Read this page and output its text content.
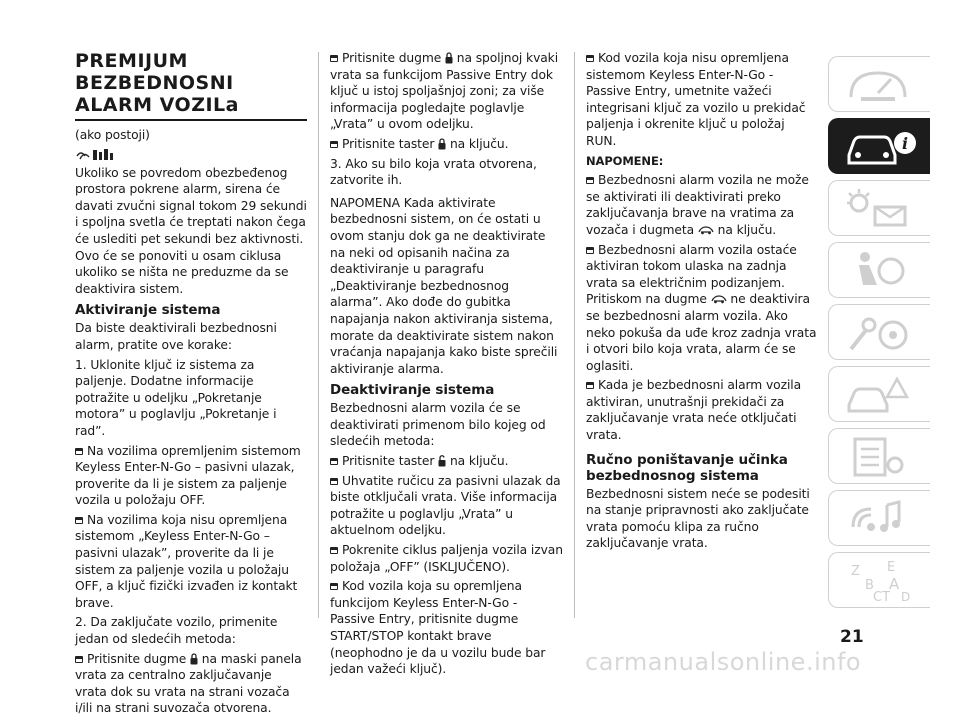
PREMIJUM BEZBEDNOSNI
ALARM VOZILa

(ako postoji)

Ukoliko se povredom obezbeđenog prostora pokrene alarm, sirena će davati zvučni signal tokom 29 sekundi i spoljna svetla će treptati nakon čega će uslediti pet sekundi bez aktivnosti. Ovo će se ponoviti u osam ciklusa ukoliko se ništa ne preduzme da se deaktivira sistem.

Aktiviranje sistema

Da biste deaktivirali bezbednosni alarm, pratite ove korake:

1. Uklonite ključ iz sistema za paljenje. Dodatne informacije potražite u odeljku „Pokretanje motora” u poglavlju „Pokretanje i rad”.

Na vozilima opremljenim sistemom Keyless Enter-N-Go – pasivni ulazak, proverite da li je sistem za paljenje vozila u položaju OFF.

Na vozilima koja nisu opremljena sistemom „Keyless Enter-N-Go – pasivni ulazak”, proverite da li je sistem za paljenje vozila u položaju OFF, a ključ fizički izvađen iz kontakt brave.

2. Da zaključate vozilo, primenite jedan od sledećih metoda:

Pritisnite dugme na maski panela vrata za centralno zaključavanje vrata dok su vrata na strani vozača i/ili na strani suvozača otvorena.

Pritisnite dugme na spoljnoj kvaki vrata sa funkcijom Passive Entry dok ključ u istoj spoljašnjoj zoni; za više informacija pogledajte poglavlje „Vrata” u ovom odeljku.

Pritisnite taster na ključu.

3. Ako su bilo koja vrata otvorena, zatvorite ih.

NAPOMENA Kada aktivirate bezbednosni sistem, on će ostati u ovom stanju dok ga ne deaktivirate na neki od opisanih načina za deaktiviranje u paragrafu „Deaktiviranje bezbednosnog alarma”. Ako dođe do gubitka napajanja nakon aktiviranja sistema, morate da deaktivirate sistem nakon vraćanja napajanja kako biste sprečili aktiviranje alarma.

Deaktiviranje sistema

Bezbednosni alarm vozila će se deaktivirati primenom bilo kojeg od sledećih metoda:

Pritisnite taster na ključu.

Uhvatite ručicu za pasivni ulazak da biste otključali vrata. Više informacija potražite u poglavlju „Vrata” u aktuelnom odeljku.

Pokrenite ciklus paljenja vozila izvan položaja „OFF” (ISKLJUČENO).

Kod vozila koja su opremljena funkcijom Keyless Enter-N-Go - Passive Entry, pritisnite dugme START/STOP kontakt brave (neophodno je da u vozilu bude bar jedan važeći ključ).

Kod vozila koja nisu opremljena sistemom Keyless Enter-N-Go - Passive Entry, umetnite važeći integrisani ključ za vozilo u prekidač paljenja i okrenite ključ u položaj RUN.

NAPOMENE:

Bezbednosni alarm vozila ne može se aktivirati ili deaktivirati preko zaključavanja brave na vratima za vozača i dugmeta na ključu.

Bezbednosni alarm vozila ostaće aktiviran tokom ulaska na zadnja vrata sa električnim podizanjem. Pritiskom na dugme ne deaktivira se bezbednosni alarm vozila. Ako neko pokuša da uđe kroz zadnja vrata i otvori bilo koja vrata, alarm će se oglasiti.

Kada je bezbednosni alarm vozila aktiviran, unutrašnji prekidači za zaključavanje vrata neće otključati vrata.

Ručno poništavanje učinka bezbednosnog sistema

Bezbednosni sistem neće se podesiti na stanje pripravnosti ako zaključate vrata pomoću klipa za ručno zaključavanje vrata.

i
Z E
B A
CT D
21
carmanualsonline.info
